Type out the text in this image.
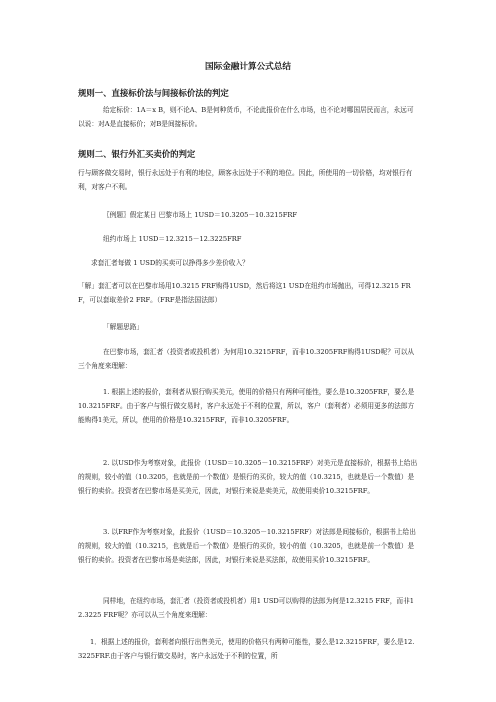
国际金融计算公式总结
规则一、直接标价法与间接标价法的判定
给定标价：1A＝x B，则不论A、B是何种货币，不论此报价在什么市场，也不论对哪国居民而言，永远可以说：对A是直接标价；对B是间接标价。
规则二、银行外汇买卖价的判定
行与顾客做交易时，银行永远处于有利的地位，顾客永远处于不利的地位。因此，所使用的一切价格，均对银行有利，对客户不利。
〖例题〗假定某日 巴黎市场上 1USD＝10.3205－10.3215FRF
纽约市场上 1USD＝12.3215－12.3225FRF
求套汇者每做 1 USD的买卖可以挣得多少差价收入？
「解」套汇者可以在巴黎市场用10.3215 FRF购得1USD，然后将这1 USD在纽约市场抛出，可得12.3215 FRF，可以套取差价2 FRF。（FRF是指法国法郎）
「解题思路」
在巴黎市场，套汇者（投资者或投机者）为何用10.3215FRF，而非10.3205FRF购得1USD呢？可以从三个角度来理解：
1. 根据上述的报价，套利者从银行购买美元，使用的价格只有两种可能性，要么是10.3205FRF，要么是10.3215FRF。由于客户与银行做交易时，客户永远处于不利的位置，所以，客户（套利者）必须用更多的法郎方能购得1美元，所以，使用的价格是10.3215FRF，而非10.3205FRF。
2. 以USD作为考察对象，此报价（1USD＝10.3205－10.3215FRF）对美元是直接标价，根据书上给出的规则，较小的值（10.3205，也就是前一个数值）是银行的买价，较大的值（10.3215，也就是后一个数值）是银行的卖价。投资者在巴黎市场是买美元，因此，对银行来说是卖美元，故使用卖价10.3215FRF。
3. 以FRF作为考察对象，此报价（1USD＝10.3205－10.3215FRF）对法郎是间接标价，根据书上给出的规则，较大的值（10.3215，也就是后一个数值）是银行的买价，较小的值（10.3205，也就是前一个数值）是银行的卖价。投资者在巴黎市场是卖法郎，因此，对银行来说是买法郎，故使用买价10.3215FRF。
同样地，在纽约市场，套汇者（投资者或投机者）用1 USD可以购得的法郎为何是12.3215 FRF，而非12.3225 FRF呢？亦可以从三个角度来理解：
1．根据上述的报价，套利者向银行出售美元，使用的价格只有两种可能性，要么是12.3215FRF，要么是12.3225FRF.由于客户与银行做交易时，客户永远处于不利的位置，所
